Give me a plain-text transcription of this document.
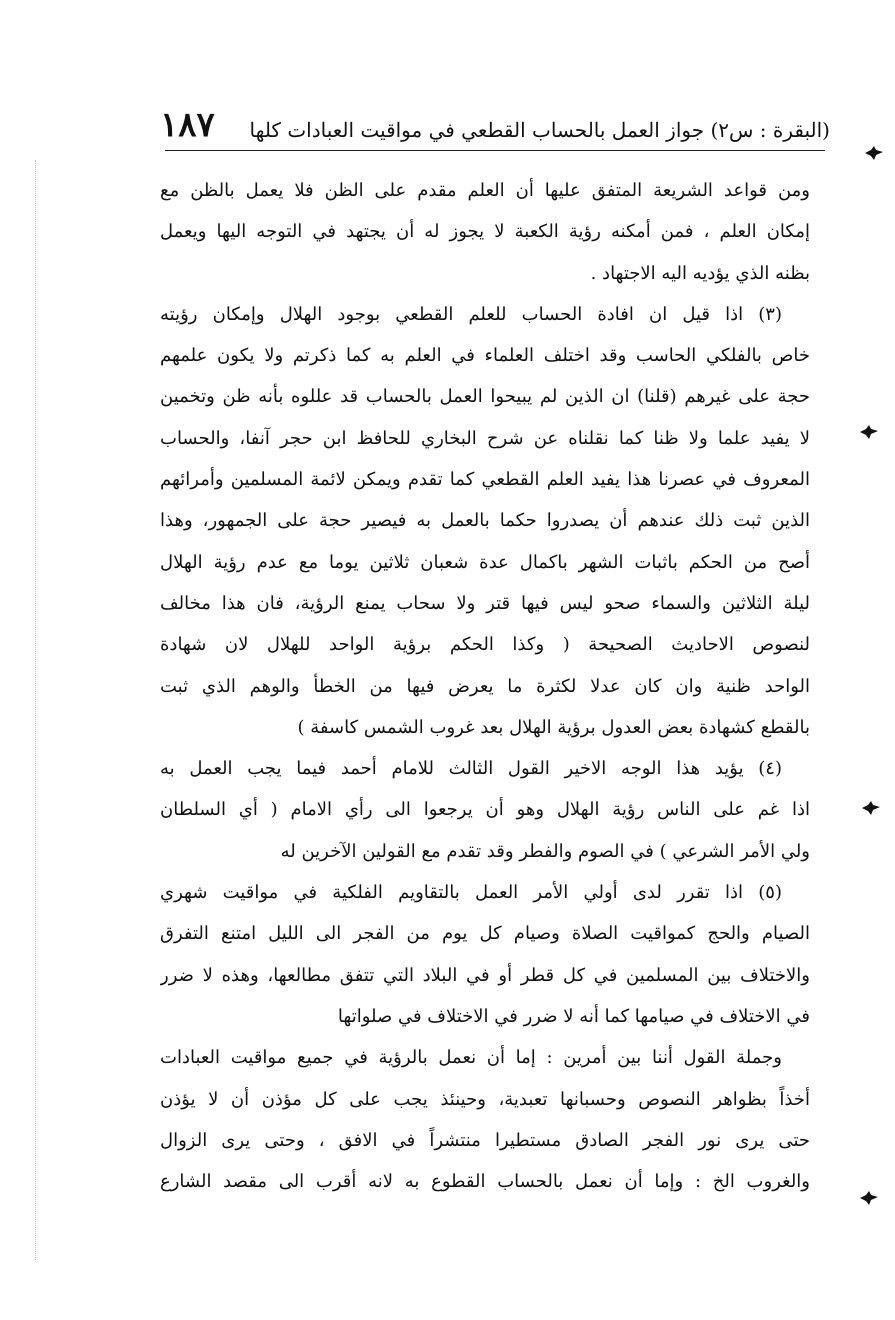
(البقرة : س٢) جواز العمل بالحساب القطعي في مواقيت العبادات كلها
١٨٧
ومن قواعد الشريعة المتفق عليها أن العلم مقدم على الظن فلا يعمل بالظن مع
إمكان العلم ، فمن أمكنه رؤية الكعبة لا يجوز له أن يجتهد في التوجه اليها ويعمل
بظنه الذي يؤديه اليه الاجتهاد .
(٣) اذا قيل ان افادة الحساب للعلم القطعي بوجود الهلال وإمكان رؤيته
خاص بالفلكي الحاسب وقد اختلف العلماء في العلم به كما ذكرتم ولا يكون علمهم
حجة على غيرهم (قلنا) ان الذين لم يبيحوا العمل بالحساب قد عللوه بأنه ظن وتخمين
لا يفيد علما ولا ظنا كما نقلناه عن شرح البخاري للحافظ ابن حجر آنفا، والحساب
المعروف في عصرنا هذا يفيد العلم القطعي كما تقدم ويمكن لائمة المسلمين وأمرائهم
الذين ثبت ذلك عندهم أن يصدروا حكما بالعمل به فيصير حجة على الجمهور، وهذا
أصح من الحكم باثبات الشهر باكمال عدة شعبان ثلاثين يوما مع عدم رؤية الهلال
ليلة الثلاثين والسماء صحو ليس فيها قتر ولا سحاب يمنع الرؤية، فان هذا مخالف
لنصوص الاحاديث الصحيحة ( وكذا الحكم برؤية الواحد للهلال لان شهادة
الواحد ظنية وان كان عدلا لكثرة ما يعرض فيها من الخطأ والوهم الذي ثبت
بالقطع كشهادة بعض العدول برؤية الهلال بعد غروب الشمس كاسفة )
(٤) يؤيد هذا الوجه الاخير القول الثالث للامام أحمد فيما يجب العمل به
اذا غم على الناس رؤية الهلال وهو أن يرجعوا الى رأي الامام ( أي السلطان
ولي الأمر الشرعي ) في الصوم والفطر وقد تقدم مع القولين الآخرين له
(٥) اذا تقرر لدى أولي الأمر العمل بالتقاويم الفلكية في مواقيت شهري
الصيام والحج كمواقيت الصلاة وصيام كل يوم من الفجر الى الليل امتنع التفرق
والاختلاف بين المسلمين في كل قطر أو في البلاد التي تتفق مطالعها، وهذه لا ضرر
في الاختلاف في صيامها كما أنه لا ضرر في الاختلاف في صلواتها
وجملة القول أننا بين أمرين : إما أن نعمل بالرؤية في جميع مواقيت العبادات
أخذاً بظواهر النصوص وحسبانها تعبدية، وحينئذ يجب على كل مؤذن أن لا يؤذن
حتى يرى نور الفجر الصادق مستطيرا منتشراً في الافق ، وحتى يرى الزوال
والغروب الخ : وإما أن نعمل بالحساب القطوع به لانه أقرب الى مقصد الشارع
